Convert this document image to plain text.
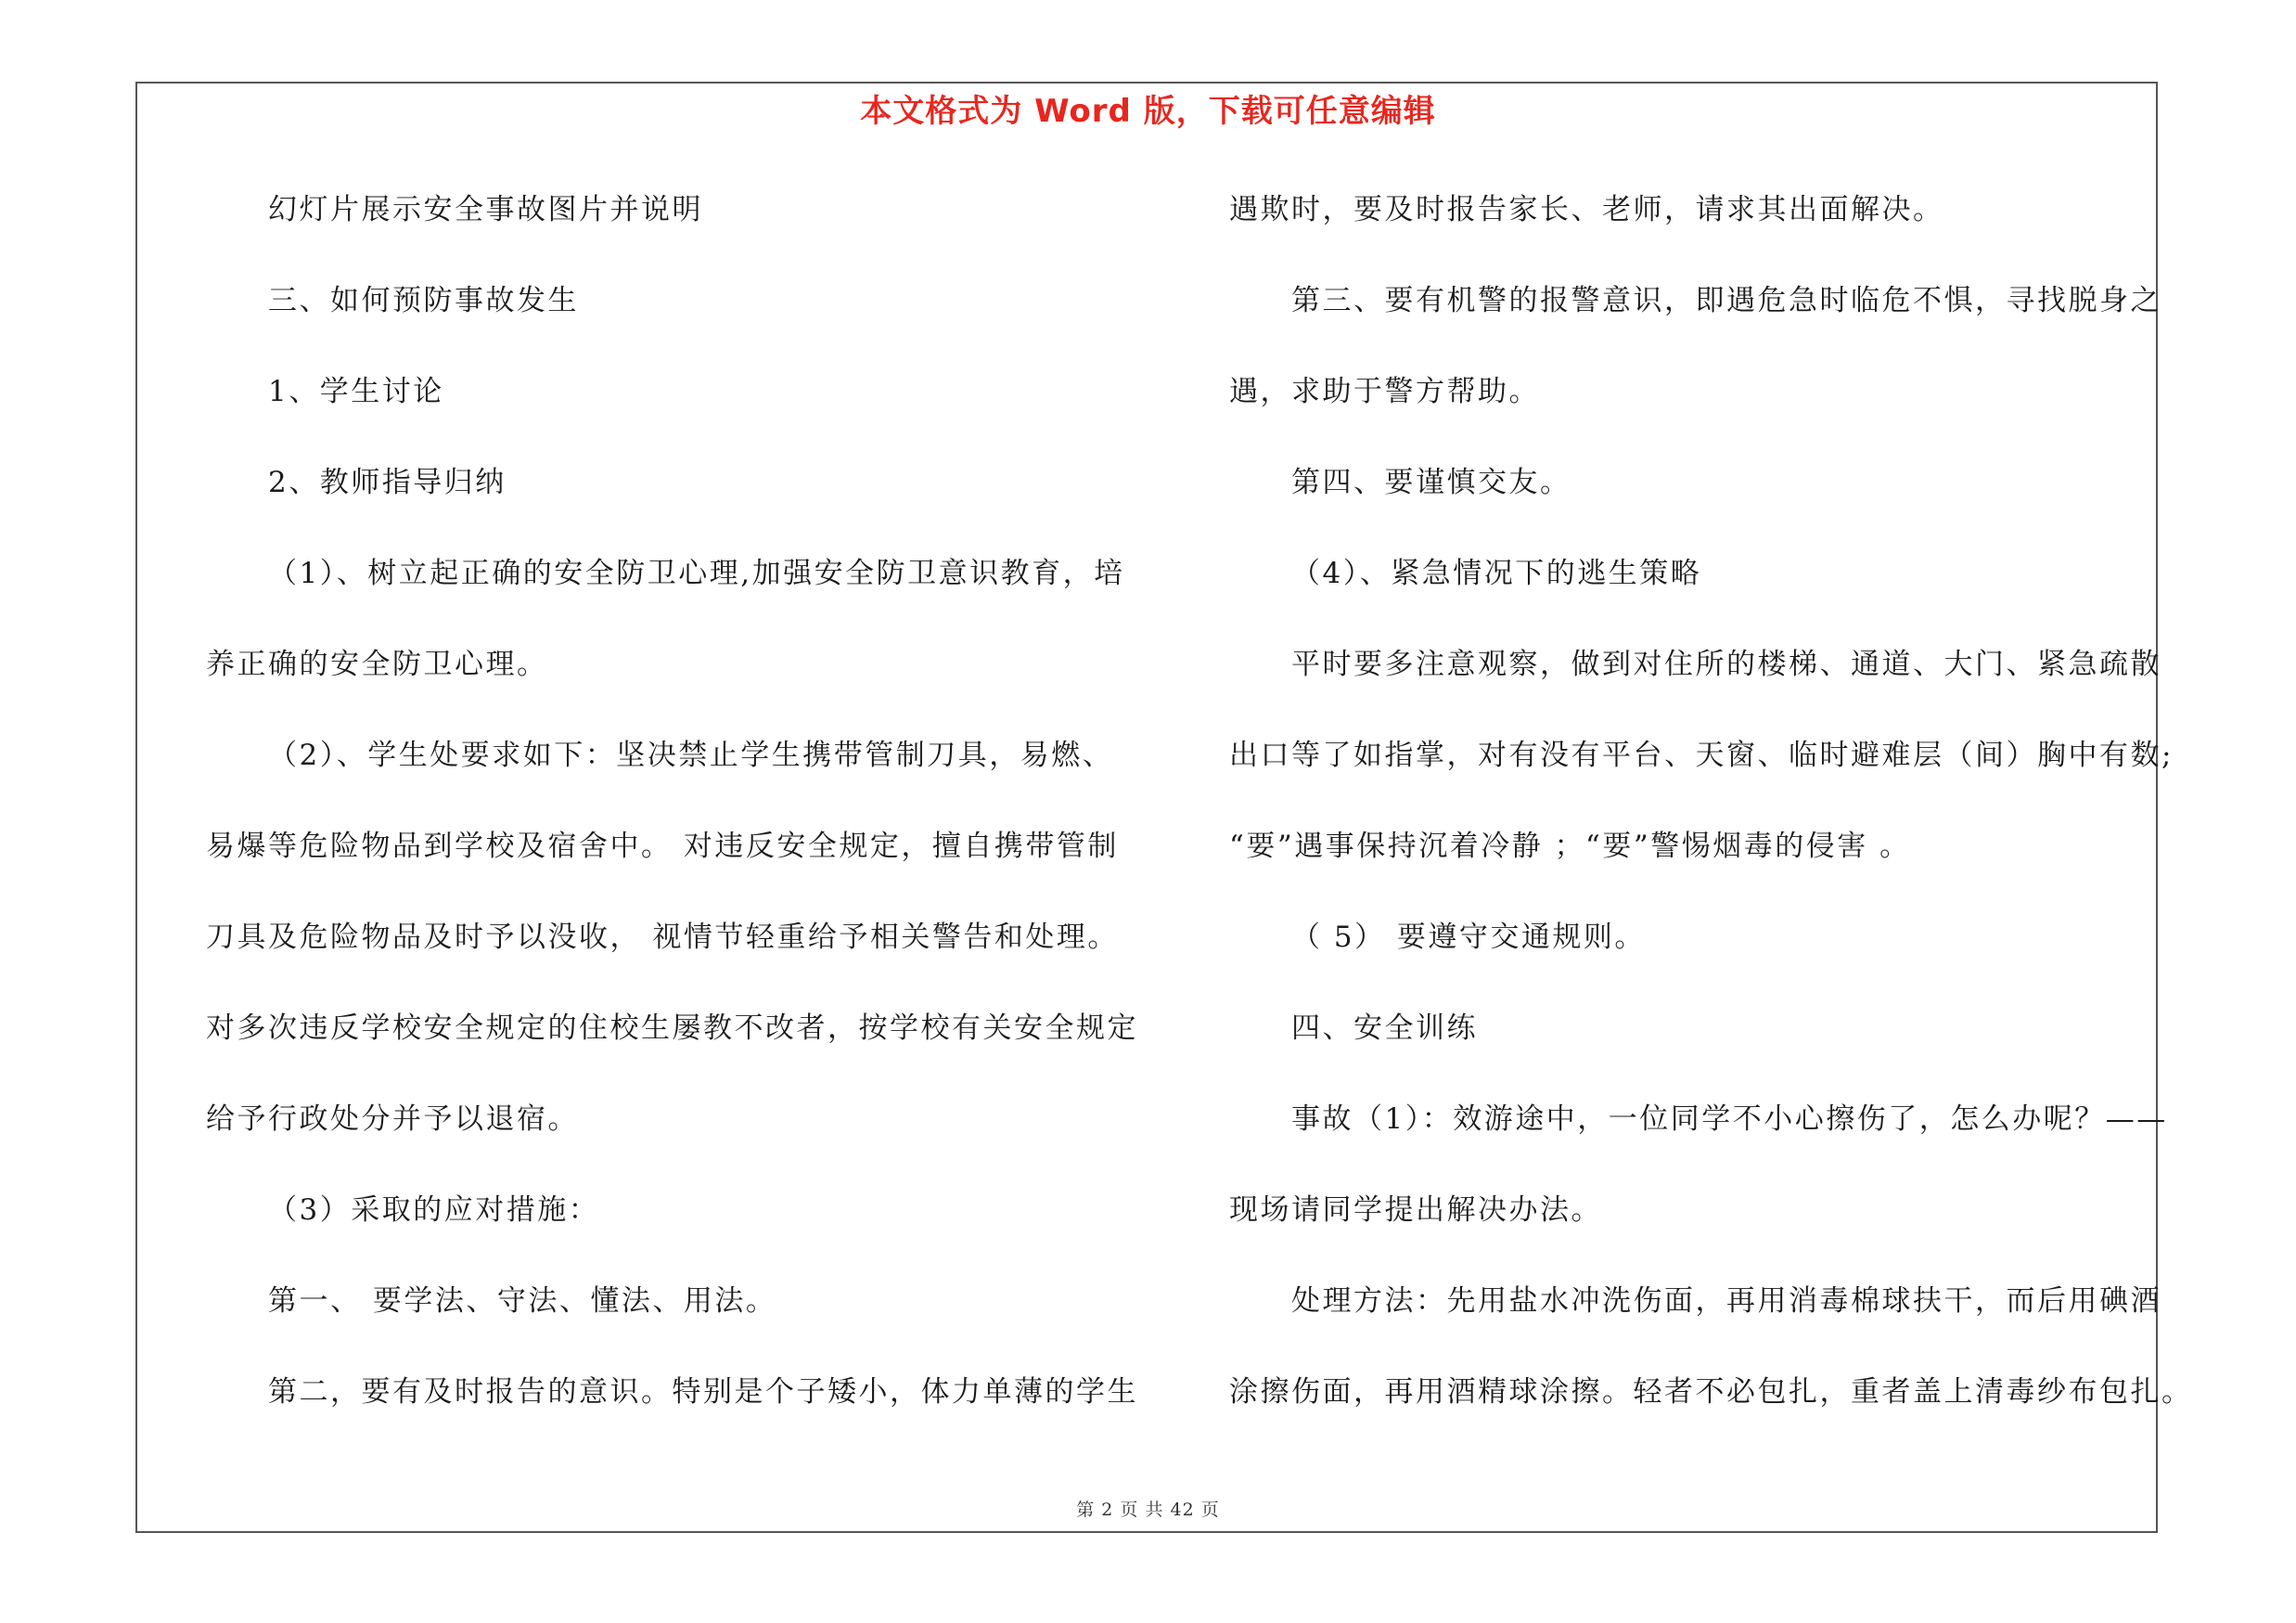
本文格式为 Word 版，下载可任意编辑
幻灯片展示安全事故图片并说明
三、如何预防事故发生
1、学生讨论
2、教师指导归纳
（1）、树立起正确的安全防卫心理,加强安全防卫意识教育，培
养正确的安全防卫心理。
（2）、学生处要求如下：坚决禁止学生携带管制刀具，易燃、
易爆等危险物品到学校及宿舍中。 对违反安全规定，擅自携带管制
刀具及危险物品及时予以没收， 视情节轻重给予相关警告和处理。
对多次违反学校安全规定的住校生屡教不改者，按学校有关安全规定
给予行政处分并予以退宿。
（3）采取的应对措施：
第一、 要学法、守法、懂法、用法。
第二，要有及时报告的意识。特别是个子矮小，体力单薄的学生
遇欺时，要及时报告家长、老师，请求其出面解决。
第三、要有机警的报警意识，即遇危急时临危不惧，寻找脱身之
遇，求助于警方帮助。
第四、要谨慎交友。
（4）、紧急情况下的逃生策略
平时要多注意观察，做到对住所的楼梯、通道、大门、紧急疏散
出口等了如指掌，对有没有平台、天窗、临时避难层（间）胸中有数;
“要”遇事保持沉着冷静 ；“要”警惕烟毒的侵害 。
（ 5） 要遵守交通规则。
四、安全训练
事故（1）：效游途中，一位同学不小心擦伤了，怎么办呢？——
现场请同学提出解决办法。
处理方法：先用盐水冲洗伤面，再用消毒棉球扶干，而后用碘酒
涂擦伤面，再用酒精球涂擦。轻者不必包扎，重者盖上清毒纱布包扎。
第 2 页 共 42 页
